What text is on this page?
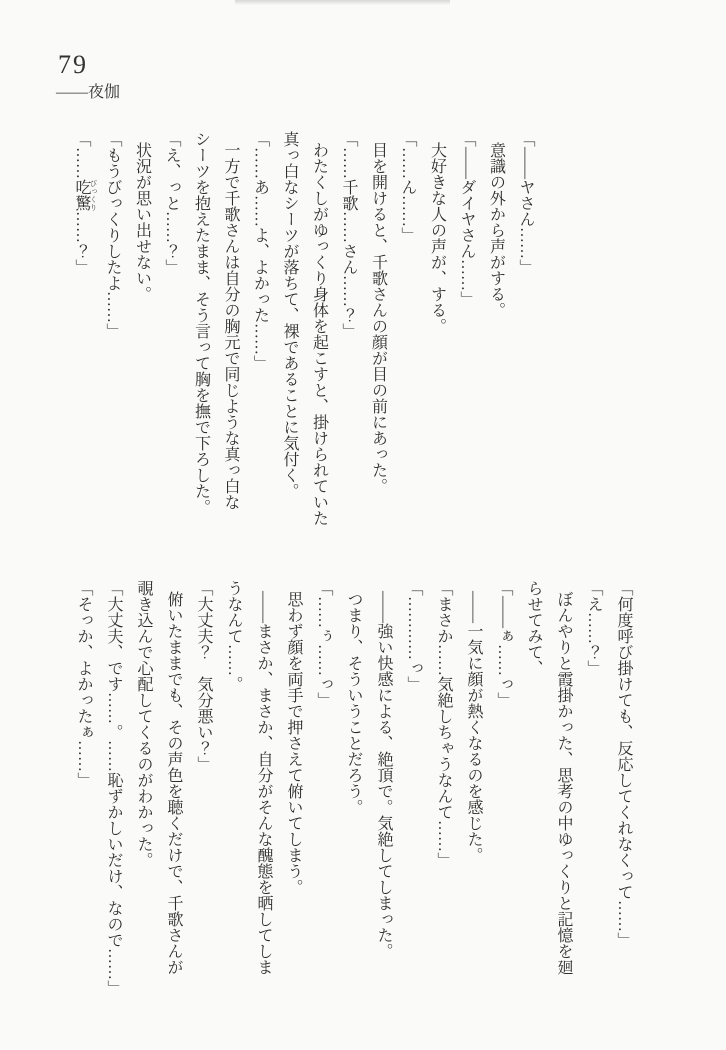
79
——夜伽

「——ヤさん……」

意識の外から声がする。

「——ダイヤさん……」

大好きな人の声が、する。

「……ん……」

目を開けると、千歌さんの顔が目の前にあった。

「……千歌……さん……？」

わたくしがゆっくり身体を起こすと、掛けられていた

真っ白なシーツが落ちて、裸であることに気付く。

「……あ……よ、よかった……」

一方で千歌さんは自分の胸元で同じような真っ白な

シーツを抱えたまま、そう言って胸を撫で下ろした。

「え、っと……？」

状況が思い出せない。

「もうびっくりしたよ……」

「……吃驚 びっくり……？」

「何度呼び掛けても、反応してくれなくって……」

「え……？」

ぼんやりと霞掛かった、思考の中ゆっくりと記憶を廻

らせてみて、

「——ぁ……っ」

——一気に顔が熱くなるのを感じた。

「まさか……気絶しちゃうなんて……」

「…………っ」

——強い快感による、絶頂で。気絶してしまった。

つまり、そういうことだろう。

「……ぅ……っ」

思わず顔を両手で押さえて俯いてしまう。

——まさか、まさか、自分がそんな醜態を晒してしま

うなんて……。

「大丈夫？　気分悪い？」

俯いたままでも、その声色を聴くだけで、千歌さんが

覗き込んで心配してくるのがわかった。

「大丈夫、です……。……恥ずかしいだけ、なので……」

「そっか、よかったぁ……」
